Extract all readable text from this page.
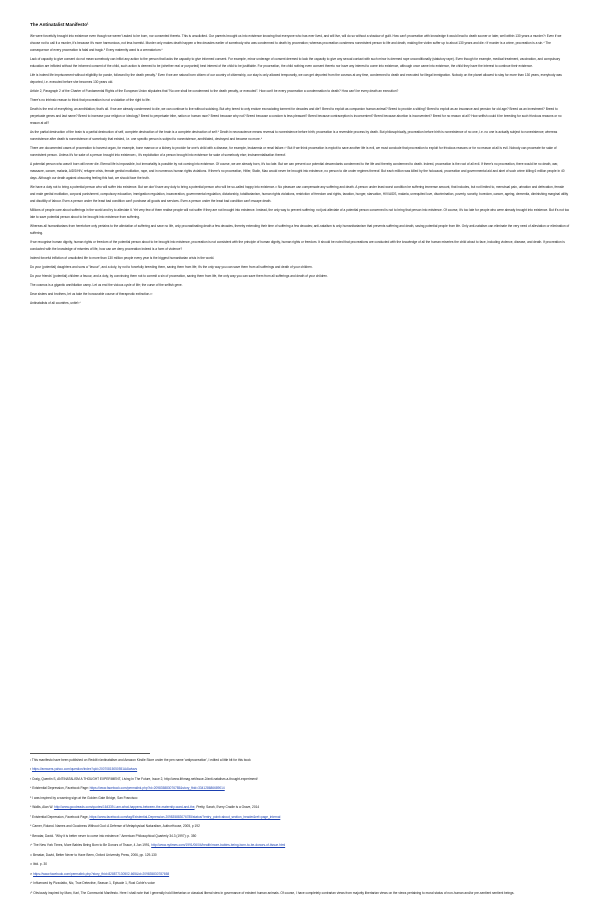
The Antinatalist Manifesto¹

We were forcefully brought into existence even though we weren't asked to be born, nor consented thereto. This is unsolicited. Our parents brought us into existence knowing that everyone who has ever lived, and will live, will do so without a shadow of guilt. How can't procreation with knowledge it would lead to death sooner or later, well within 130 years a murder?² Even if we choose not to call it a murder, it's because it's more harmonious, not less harmful. Murder only makes death happen a few decades earlier of somebody who was condemned to death by procreation; whereas procreation condemns nonexistent person to life and death, making the victim suffer up to about 130 years and die.³ If murder is a crime, procreation is a sin.⁴ The consequence of every procreation is fatal and tragic.⁵ Every maternity ward is a crematorium.⁶

Lack of capacity to give consent do not mean somebody can inflict any action to the person that lacks the capacity to give informed consent. For example, minor underage of consent deemed to lack the capacity to give any sexual contact with such minor is deemed rape unconditionally (statutory rape). Even though for example, medical treatment, vaccination, and compulsory education are inflicted without the informed consent of the child, such action is deemed to be (whether real or purported) best interest of the child to be justifiable. For procreation, the child nothing even consent thereto nor have any interest to come into existence, although once came into existence, the child they have the interest to continue their existence.

Life is indeed life imprisonment without eligibility for parole, followed by the death penalty.⁷ Even if we are natural born citizen of our country of citizenship, our stay is only allowed temporarily, we can get deported from the cosmos at any time, condemned to death and executed for illegal immigration. Nobody on the planet allowed to stay for more than 130 years, everybody was deported, i.e. executed before she becomes 130 years old.

Article 2, Paragraph 2 of the Charter of Fundamental Rights of the European Union stipulates that "No one shall be condemned to the death penalty, or executed". How can't be every procreation a condemnation to death? How can't be every death an execution?

There's no intrinsic reason to think that procreation is not a violation of the right to life.

Death is the end of everything, an annihilation; that's all. If we are already condemned to die, we can continue to live without suicising. But why breed to only endure excruciating torment for decades and die? Breed to exploit as companion human animal? Breed to provide a sibling? Breed to exploit as an insurance and pension for old age? Breed as an investment? Breed to perpetuate genes and last name? Breed to increase your religion or ideology? Breed to perpetuate tribe, nation or human race? Breed because why not? Breed because a condom is less pleasant? Breed because contraception is inconvenient? Breed because abortion is inconvenient? Breed for no reason at all? How selfish could it be breeding for such frivolous reasons or no reason at all?

As the partial destruction of the brain is a partial destruction of self, complete destruction of the brain is a complete destruction of self.⁸ Death in neuroscience means reversal to nonexistence before birth; procreation is a reversible process by death. But philosophically, procreation before birth is nonexistence of no one, i.e. no one is actually subject to nonexistence; whereas nonexistence after death is nonexistence of somebody that existed, i.e. one specific person is subject to nonexistence, annihilated, destroyed and became no more.⁹

There are documented cases of procreation to harvest organ, for example, bone marrow or a kidney to provide for one's child with a disease, for example, leukaemia or renal failure.¹⁰ But if we think procreation is exploit to save another life is evil, we must conclude that procreation to exploit for frivolous reasons or for no reason at all is evil. Nobody can procreate for sake of nonexistent person. Unless it's for sake of a person brought into existence¹¹, it's exploitation of a person brought into existence for sake of somebody else; instrumentalisation thereof.

A potential person who wasn't born will never die. Eternal life is impossible, but immortality is possible by not coming into existence. Of course, we are already born, it's too late. But we can prevent our potential descendants condemned to the life and thereby condemned to death. Indeed, procreation is the root of all evil. If there's no procreation, there would be no death, war, massacre, cancer, malaria, AIDS/HIV, refugee crisis, female genital mutilation, rape, and in numerous human rights violations. If there's no procreation, Hitler, Stalin, Mao would never be brought into existence, no person to die under regimes thereof. But each million was killed by the holocaust, procreation and governmental aid and abet of such crime killing 6 million people in 40 days. Although our death against obscuring feeling this fact, we should face the truth.

We have a duty not to bring a potential person who will suffer into existence. But we don't have any duty to bring a potential person who will be so-called happy into existence.¹² No pleasure can compensate any suffering and death. A person under least worst condition be suffering immense amount, that includes, but not limited to, menstrual pain, urination and defecation, female and male genital mutilation, corporal punishment, compulsory education, immigration regulation, incarceration, governmental regulation, dictatorship, totalitarianism, human rights violations, restriction of freedom and rights, taxation, hunger, starvation, HIV/AIDS, malaria, unrequited love, discrimination, poverty, sorority, boredom, cancer, ageing, dementia, diminishing marginal utility and disutility of labour. Even a person under the least bad condition can't purchase all goods and services. Even a person under the least bad condition can't escape death.

Millions of people care about sufferings in the world and try to alleviate it. Yet very few of them realise people will not suffer if they are not brought into existence. Instead, the only way to prevent suffering: not just alleviate of a potential person concerned is not to bring that person into existence. Of course, it's too late for people who were already brought into existence. But it's not too late to save potential person about to be brought into existence from suffering.

Whereas all humanitarians from heretofore only pertains to the alleviation of suffering and save no life, only procrastinating death a few decades, thereby extending their time of suffering a few decades; anti-natalism is only humanitarianism that prevents suffering and death, saving potential people from life. Only anti-natalism can eliminate the very need of alleviation or elimination of suffering.

If we recognise human dignity, human rights or freedom of the potential person about to be brought into existence, procreation is not consistent with the principle of human dignity, human rights or freedom. It should be noted that procreations are conducted with the knowledge of all the human miseries the child about to face, including violence, disease, and death. If procreation is conducted with the knowledge of miseries of life, how can we deny procreation indeed is a form of violence?

Indeed forceful infliction of unsolicited life to more than 130 million people every year is the biggest humanitarian crisis in the world.

Do your (potential) daughters and sons a "favour", and a duty, by not to forcefully breeding them, saving them from life; it's the only way you can save them from all sufferings and death of your children.

Do your friends' (potential) children a favour, and a duty, by convincing them not to commit a sin of procreation, saving them from life, the only way you can save them from all sufferings and death of your children.

The cosmos is a gigantic annihilation camp. Let us end the vicious cycle of life; the curse of the selfish gene.

Dear sisters and brothers, let us take the honourable course of therapeutic extinction.¹³

Antinatalists of all countries, unite!¹⁴

¹ This manifesto have been published on Reddit r/antinatalism and Amazon Kindle Store under the pen name 'antiprocreation', I edited a little bit for this book
² https://answers.yahoo.com/question/index?qid=20070815050551AAlwtavs
³ Craig, Quentin S, ANTINATALISM A THOUGHT EXPERIMENT, Living In The Future, Issue 2, http://www.lithmag.net/issue-2/anti-natalism-a-thought-experiment/
⁴ Existential Depression, Facebook Page: https://www.facebook.com/permalink.php?id=209835883076785&story_fbid=334128686689014
⁵ I was inspired by a warning sign at the Golden Gate Bridge, San Francisco
⁶ Wallis, Alan W. http://www.goodreads.com/quotes/164339-i-am-what-happens-between-the-maternity-ward-and-the, Pretty, Sarah, Every Cradle is a Grave, 2014
⁷ Existential Depression, Facebook Page, https://www.facebook.com/tag/Existential-Depression-209835883076785/status/?entry_point=about_section_header&ref=page_internal
⁸ Camer, Roland. Names and Goodness Without God: A Defense of Metaphysical Naturalism, AuthorHouse, 2005, p 192
⁹ Benatar, David. "Why it is better never to come into existence." American Philosophical Quarterly 34.3 (1997): p. 350
¹⁰ The New York Times, More Babies Being Born to Be Donors of Tissue, 4 Jun 1991, http://www.nytimes.com/1991/06/04/health/more-babies-being-born-to-be-donors-of-tissue.html
¹¹ Benatar, David, Better Never to Have Been, Oxford University Press, 2006, pp. 129-130
¹² Ibid. p. 30
¹³ https://www.facebook.com/permalink.php?story_fbid=828877130502-665&id=209835830787658
¹⁴ Influenced by Pizzolatto, Nic, True Detective, Season 1, Episode 1, Rust Cohle's voice
¹⁵ Obviously inspired by Marx, Karl, The Communist Manifesto. Here I shall note that I generally hold libertarian or classical liberal view in governance of existent human animals. Of course, I have completely contrarian views from majority libertarian views on the views pertaining to moral status of non-human and/or pre-sentient sentient beings.
